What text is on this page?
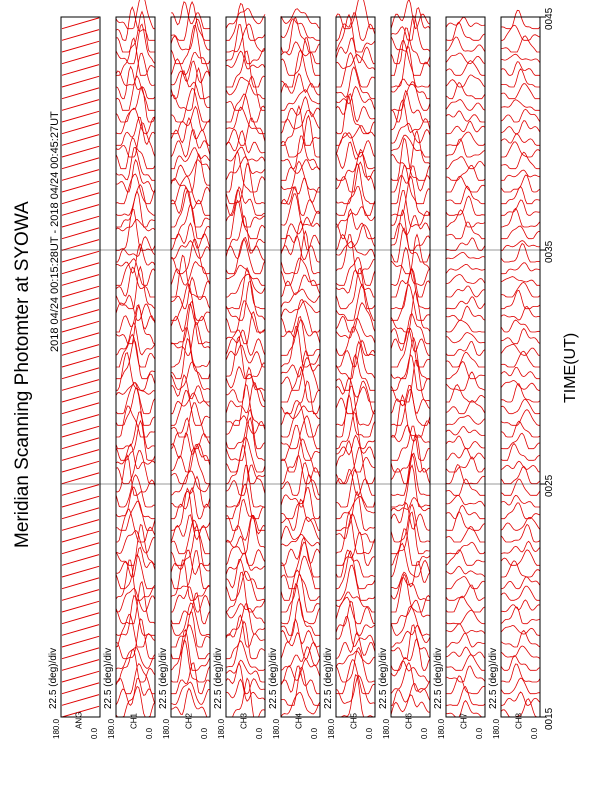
Meridian Scanning Photomter at SYOWA 2018 04/24 00:15:28UT - 2018 04/24 00:45:27UT
TIME(UT)
180.0	0.0
ANG
22.5 (deg)/div
180.0	0.0
CH1
22.5 (deg)/div
180.0	0.0
CH2
22.5 (deg)/div
180.0	0.0
CH3
22.5 (deg)/div
180.0	0.0
CH4
22.5 (deg)/div
180.0	0.0
CH5
22.5 (deg)/div
180.0	0.0
CH6
22.5 (deg)/div
180.0	0.0
CH7
22.5 (deg)/div
180.0	0.0
CH8
22.5 (deg)/div
0015
0025
0035
0045
